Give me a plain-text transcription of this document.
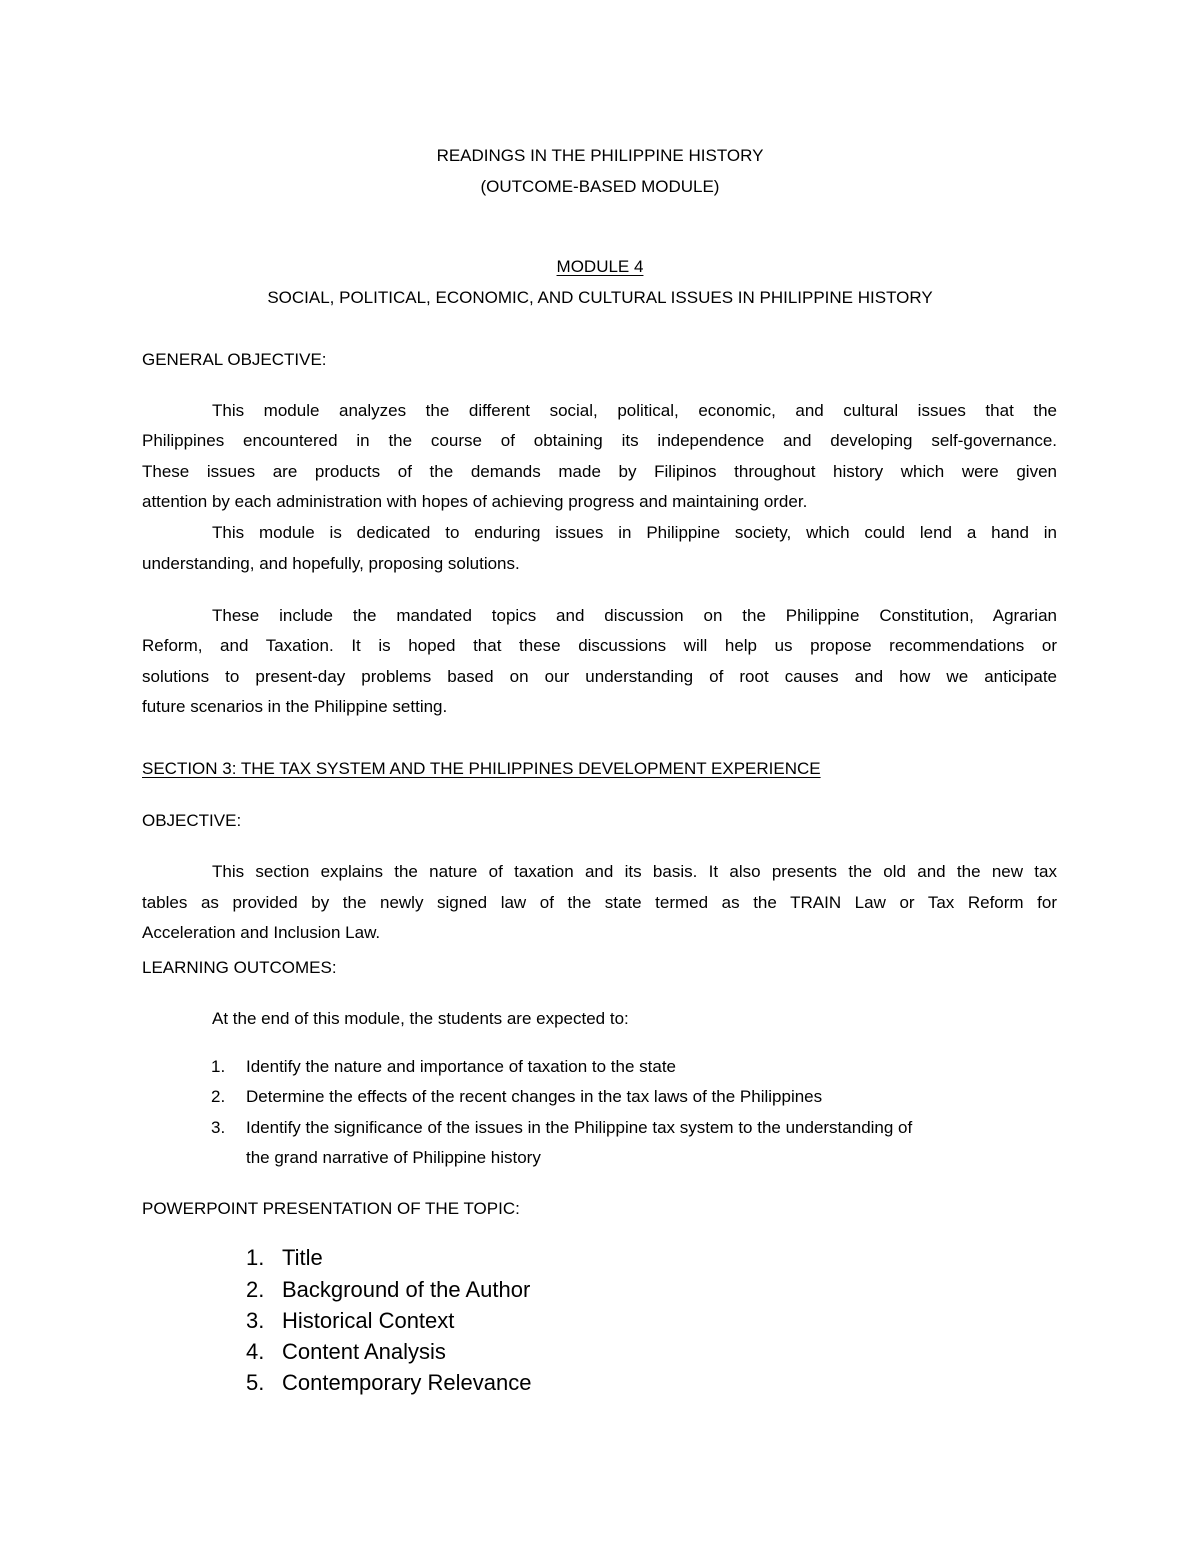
READINGS IN THE PHILIPPINE HISTORY
(OUTCOME-BASED MODULE)
MODULE 4
SOCIAL, POLITICAL, ECONOMIC, AND CULTURAL ISSUES IN PHILIPPINE HISTORY
GENERAL OBJECTIVE:
This module analyzes the different social, political, economic, and cultural issues that the
Philippines encountered in the course of obtaining its independence and developing self-governance.
These issues are products of the demands made by Filipinos throughout history which were given
attention by each administration with hopes of achieving progress and maintaining order.
This module is dedicated to enduring issues in Philippine society, which could lend a hand in
understanding, and hopefully, proposing solutions.
These include the mandated topics and discussion on the Philippine Constitution, Agrarian
Reform, and Taxation. It is hoped that these discussions will help us propose recommendations or
solutions to present-day problems based on our understanding of root causes and how we anticipate
future scenarios in the Philippine setting.
SECTION 3: THE TAX SYSTEM AND THE PHILIPPINES DEVELOPMENT EXPERIENCE
OBJECTIVE:
This section explains the nature of taxation and its basis. It also presents the old and the new tax
tables as provided by the newly signed law of the state termed as the TRAIN Law or Tax Reform for
Acceleration and Inclusion Law.
LEARNING OUTCOMES:
At the end of this module, the students are expected to:
1. Identify the nature and importance of taxation to the state
2. Determine the effects of the recent changes in the tax laws of the Philippines
3. Identify the significance of the issues in the Philippine tax system to the understanding of
the grand narrative of Philippine history
POWERPOINT PRESENTATION OF THE TOPIC:
1. Title
2. Background of the Author
3. Historical Context
4. Content Analysis
5. Contemporary Relevance
